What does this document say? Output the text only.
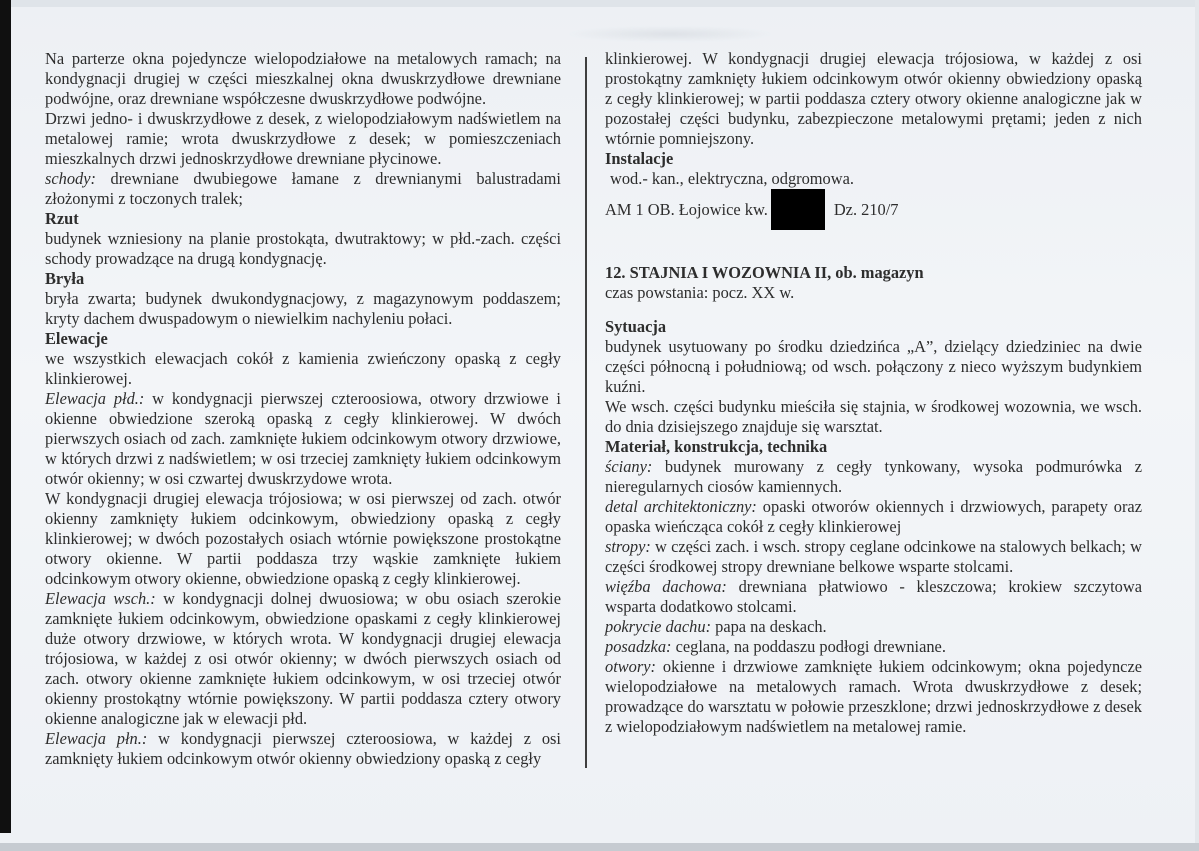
Na parterze okna pojedyncze wielopodziałowe na metalowych ramach; na kondygnacji drugiej w części mieszkalnej okna dwuskrzydłowe drewniane podwójne, oraz drewniane współczesne dwuskrzydłowe podwójne.

Drzwi jedno- i dwuskrzydłowe z desek, z wielopodziałowym nadświetlem na metalowej ramie; wrota dwuskrzydłowe z desek; w pomieszczeniach mieszkalnych drzwi jednoskrzydłowe drewniane płycinowe.

schody: drewniane dwubiegowe łamane z drewnianymi balustradami złożonymi z toczonych tralek;

Rzut

budynek wzniesiony na planie prostokąta, dwutraktowy; w płd.-zach. części schody prowadzące na drugą kondygnację.

Bryła

bryła zwarta; budynek dwukondygnacjowy, z magazynowym poddaszem; kryty dachem dwuspadowym o niewielkim nachyleniu połaci.

Elewacje

we wszystkich elewacjach cokół z kamienia zwieńczony opaską z cegły klinkierowej.

Elewacja płd.: w kondygnacji pierwszej czteroosiowa, otwory drzwiowe i okienne obwiedzione szeroką opaską z cegły klinkierowej. W dwóch pierwszych osiach od zach. zamknięte łukiem odcinkowym otwory drzwiowe, w których drzwi z nadświetlem; w osi trzeciej zamknięty łukiem odcinkowym otwór okienny; w osi czwartej dwuskrzydowe wrota.

W kondygnacji drugiej elewacja trójosiowa; w osi pierwszej od zach. otwór okienny zamknięty łukiem odcinkowym, obwiedziony opaską z cegły klinkierowej; w dwóch pozostałych osiach wtórnie powiększone prostokątne otwory okienne. W partii poddasza trzy wąskie zamknięte łukiem odcinkowym otwory okienne, obwiedzione opaską z cegły klinkierowej.

Elewacja wsch.: w kondygnacji dolnej dwuosiowa; w obu osiach szerokie zamknięte łukiem odcinkowym, obwiedzione opaskami z cegły klinkierowej duże otwory drzwiowe, w których wrota. W kondygnacji drugiej elewacja trójosiowa, w każdej z osi otwór okienny; w dwóch pierwszych osiach od zach. otwory okienne zamknięte łukiem odcinkowym, w osi trzeciej otwór okienny prostokątny wtórnie powiększony. W partii poddasza cztery otwory okienne analogiczne jak w elewacji płd.

Elewacja płn.: w kondygnacji pierwszej czteroosiowa, w każdej z osi zamknięty łukiem odcinkowym otwór okienny obwiedziony opaską z cegły

klinkierowej. W kondygnacji drugiej elewacja trójosiowa, w każdej z osi prostokątny zamknięty łukiem odcinkowym otwór okienny obwiedziony opaską z cegły klinkierowej; w partii poddasza cztery otwory okienne analogiczne jak w pozostałej części budynku, zabezpieczone metalowymi prętami; jeden z nich wtórnie pomniejszony.

Instalacje

wod.- kan., elektryczna, odgromowa.

AM 1 OB. Łojowice kw.	Dz. 210/7

12. STAJNIA I WOZOWNIA II, ob. magazyn

czas powstania: pocz. XX w.

Sytuacja

budynek usytuowany po środku dziedzińca „A”, dzielący dziedziniec na dwie części północną i południową; od wsch. połączony z nieco wyższym budynkiem kuźni.

We wsch. części budynku mieściła się stajnia, w środkowej wozownia, we wsch. do dnia dzisiejszego znajduje się warsztat.

Materiał, konstrukcja, technika

ściany: budynek murowany z cegły tynkowany, wysoka podmurówka z nieregularnych ciosów kamiennych.

detal architektoniczny: opaski otworów okiennych i drzwiowych, parapety oraz opaska wieńcząca cokół z cegły klinkierowej

stropy: w części zach. i wsch. stropy ceglane odcinkowe na stalowych belkach; w części środkowej stropy drewniane belkowe wsparte stolcami.

więźba dachowa: drewniana płatwiowo - kleszczowa; krokiew szczytowa wsparta dodatkowo stolcami.

pokrycie dachu: papa na deskach.

posadzka: ceglana, na poddaszu podłogi drewniane.

otwory: okienne i drzwiowe zamknięte łukiem odcinkowym; okna pojedyncze wielopodziałowe na metalowych ramach. Wrota dwuskrzydłowe z desek; prowadzące do warsztatu w połowie przeszklone; drzwi jednoskrzydłowe z desek z wielopodziałowym nadświetlem na metalowej ramie.
